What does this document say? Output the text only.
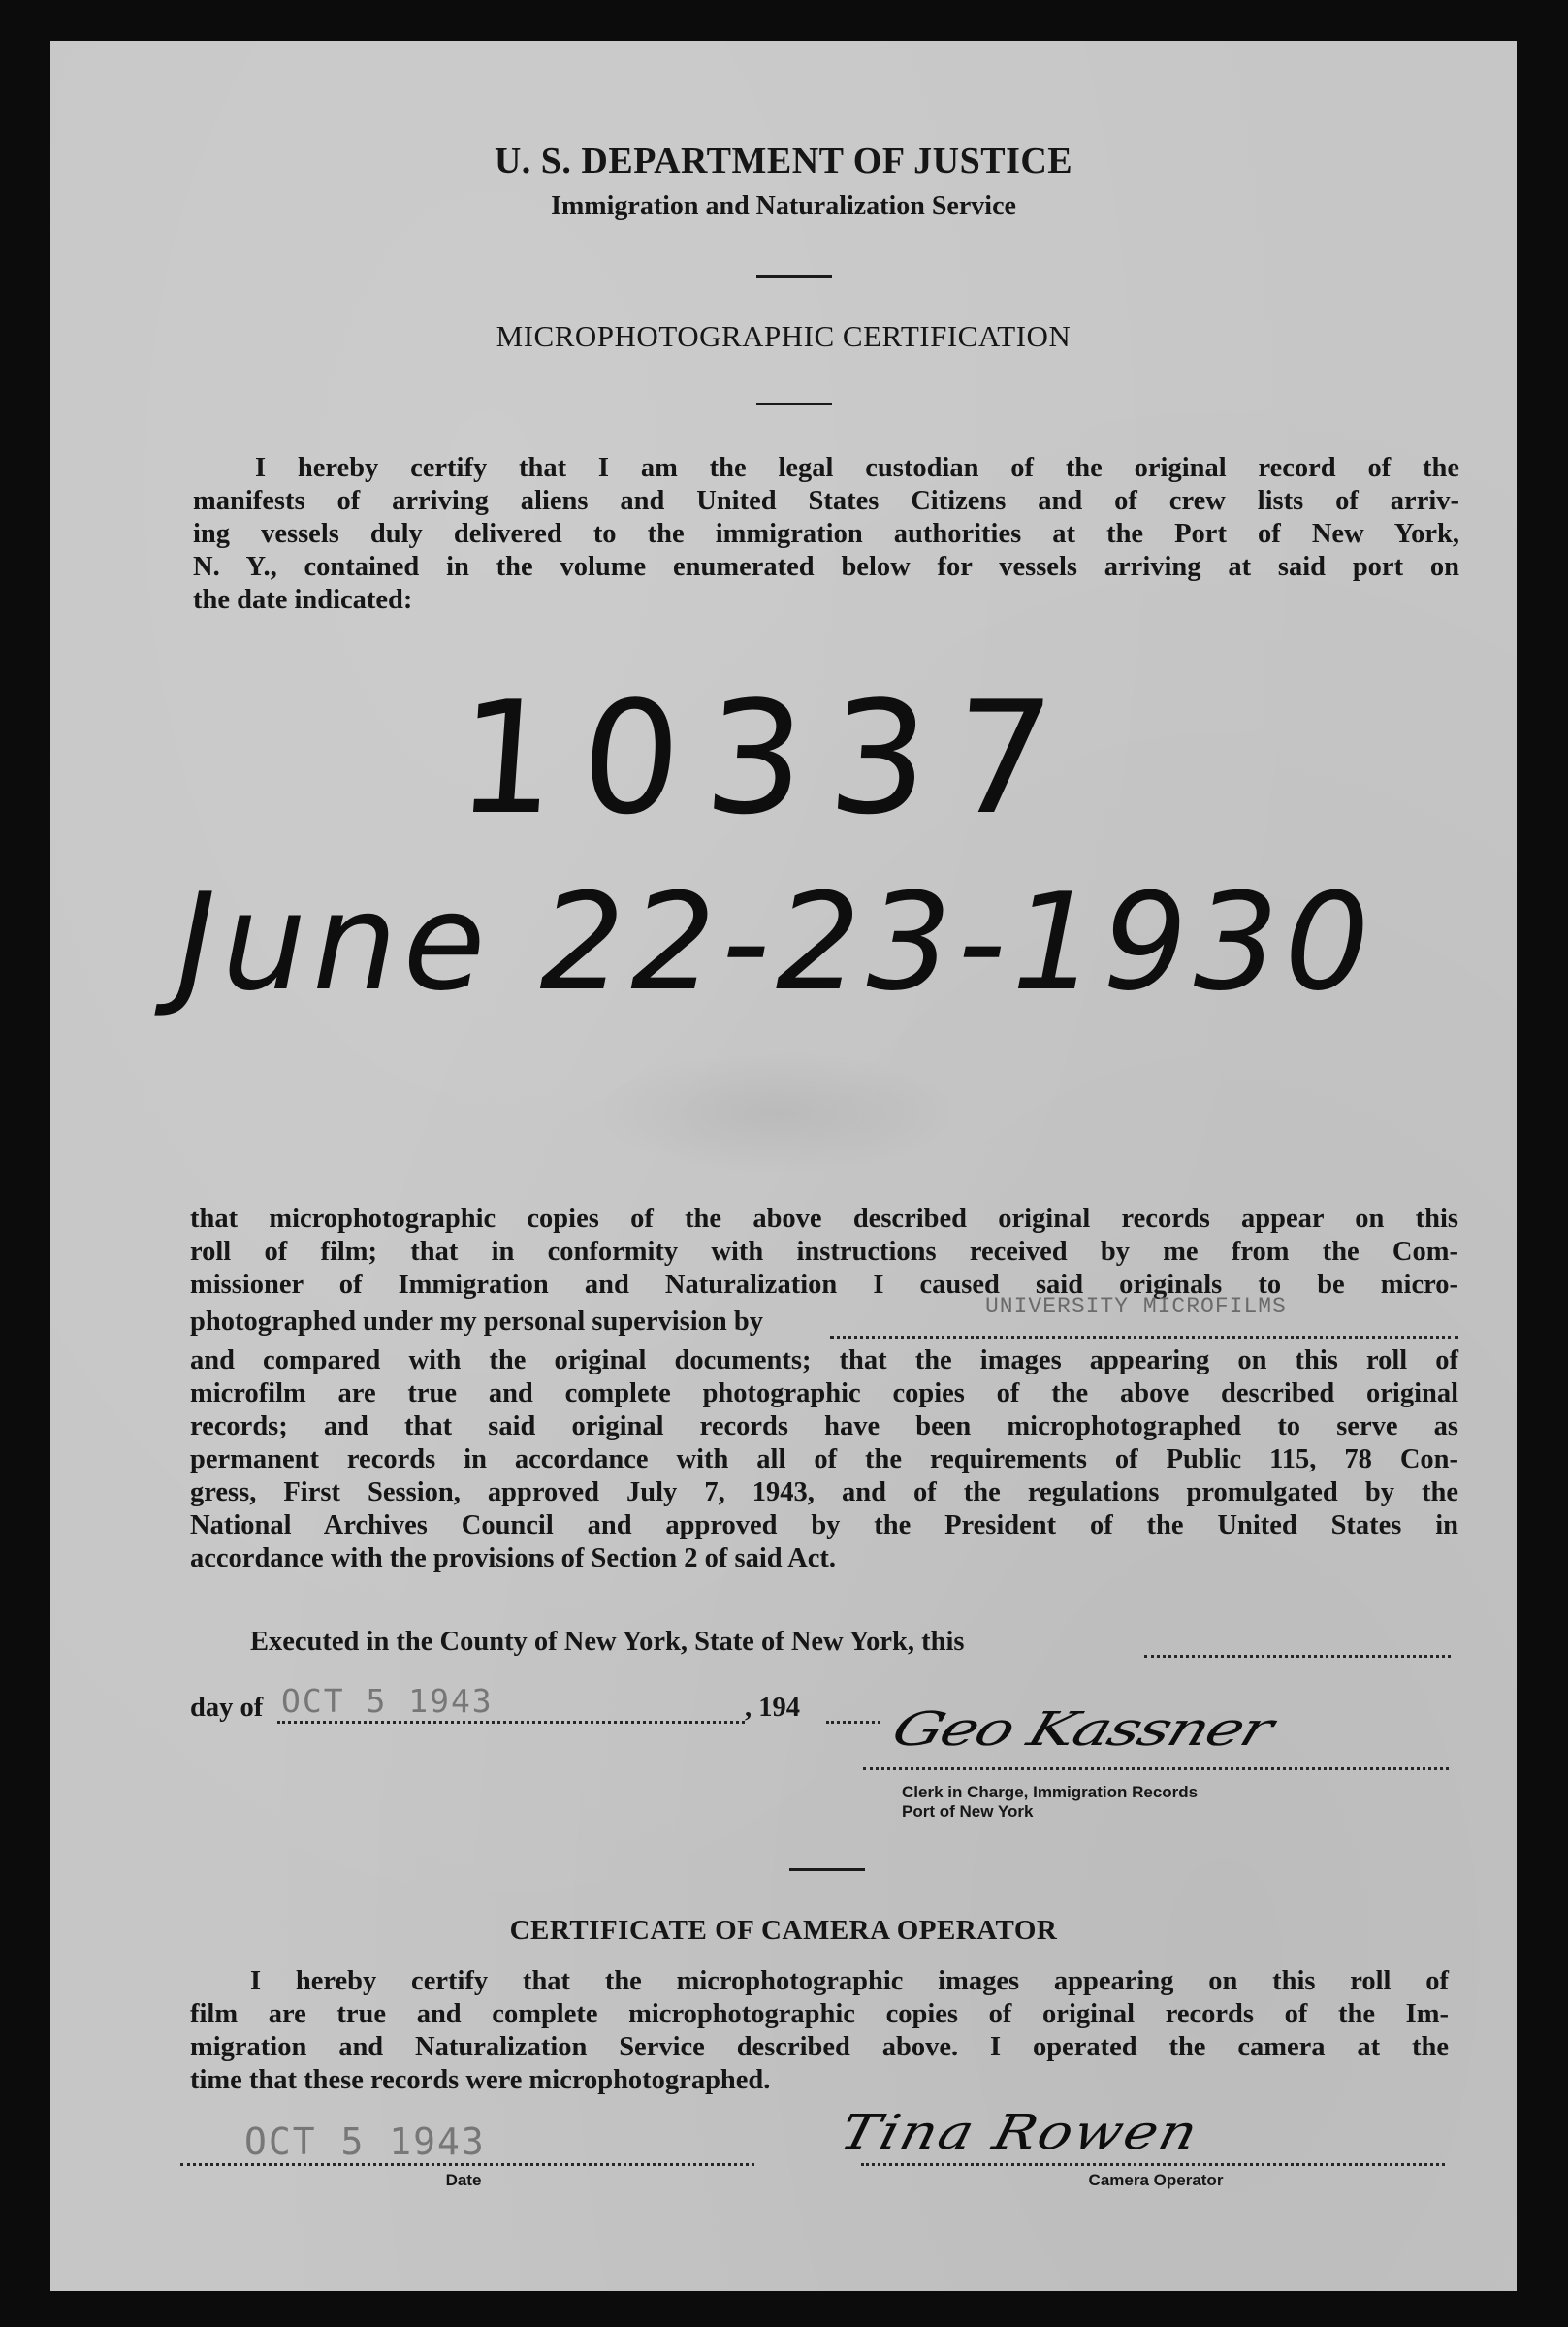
U. S. DEPARTMENT OF JUSTICE
Immigration and Naturalization Service
MICROPHOTOGRAPHIC CERTIFICATION
I hereby certify that I am the legal custodian of the original record of the
manifests of arriving aliens and United States Citizens and of crew lists of arriv-
ing vessels duly delivered to the immigration authorities at the Port of New York,
N. Y., contained in the volume enumerated below for vessels arriving at said port on
the date indicated:
10337
June 22-23-1930
that microphotographic copies of the above described original records appear on this
roll of film; that in conformity with instructions received by me from the Com-
missioner of Immigration and Naturalization I caused said originals to be micro-
photographed under my personal supervision by	UNIVERSITY MICROFILMS
and compared with the original documents; that the images appearing on this roll of
microfilm are true and complete photographic copies of the above described original
records; and that said original records have been microphotographed to serve as
permanent records in accordance with all of the requirements of Public 115, 78 Con-
gress, First Session, approved July 7, 1943, and of the regulations promulgated by the
National Archives Council and approved by the President of the United States in
accordance with the provisions of Section 2 of said Act.
Executed in the County of New York, State of New York, this
day of OCT 5 1943	, 194 Geo Kassner
Clerk in Charge, Immigration Records
Port of New York
CERTIFICATE OF CAMERA OPERATOR
I hereby certify that the microphotographic images appearing on this roll of
film are true and complete microphotographic copies of original records of the Im-
migration and Naturalization Service described above. I operated the camera at the
time that these records were microphotographed.
OCT 5 1943
Date
Tina Rowen
Camera Operator
